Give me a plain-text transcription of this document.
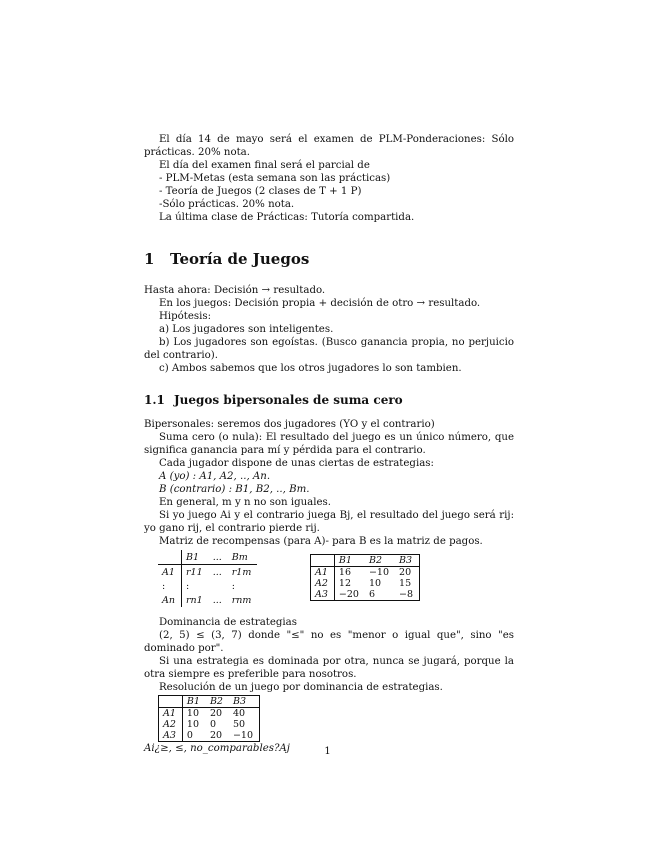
El día 14 de mayo será el examen de PLM-Ponderaciones: Sólo prácticas. 20% nota.

El día del examen final será el parcial de

- PLM-Metas (esta semana son las prácticas)

- Teoría de Juegos (2 clases de T + 1 P)

-Sólo prácticas. 20% nota.

La última clase de Prácticas: Tutoría compartida.

1 Teoría de Juegos

Hasta ahora: Decisión → resultado.

En los juegos: Decisión propia + decisión de otro → resultado.

Hipótesis:

a) Los jugadores son inteligentes.

b) Los jugadores son egoístas. (Busco ganancia propia, no perjuicio del contrario).

c) Ambos sabemos que los otros jugadores lo son tambien.

1.1 Juegos bipersonales de suma cero

Bipersonales: seremos dos jugadores (YO y el contrario)

Suma cero (o nula): El resultado del juego es un único número, que significa ganancia para mí y pérdida para el contrario.

Cada jugador dispone de unas ciertas de estrategias:

A (yo) : A1, A2, .., An.

B (contrario) : B1, B2, .., Bm.

En general, m y n no son iguales.

Si yo juego Ai y el contrario juega Bj, el resultado del juego será rij: yo gano rij, el contrario pierde rij.

Matriz de recompensas (para A)- para B es la matriz de pagos.

	B1	...	Bm
A1	r11	...	r1m
:	:		:
An	rn1	...	rnm
	B1	B2	B3
A1	16	−10	20
A2	12	10	15
A3	−20	6	−8

Dominancia de estrategias

(2, 5) ≤ (3, 7) donde "≤" no es "menor o igual que", sino "es dominado por".

Si una estrategia es dominada por otra, nunca se jugará, porque la otra siempre es preferible para nosotros.

Resolución de un juego por dominancia de estrategias.

	B1	B2	B3
A1	10	20	40
A2	10	0	50
A3	0	20	−10

Ai¿≥, ≤, no_comparables?Aj	1
